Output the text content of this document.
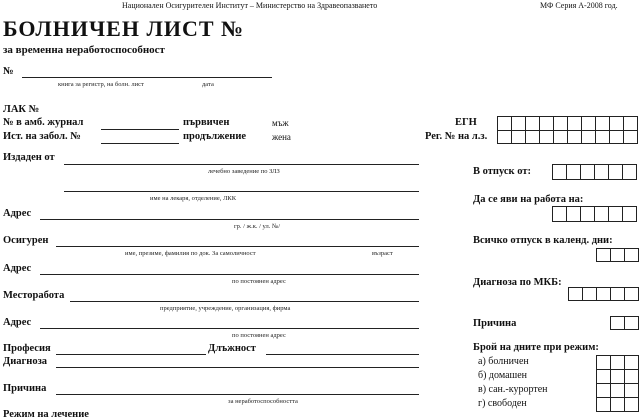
Национален Осигурителен Институт – Министерство на Здравеопазването	МФ Серия А-2008 год.
БОЛНИЧЕН ЛИСТ №
за временна неработоспособност
№
книга за регистр, на болн. лист	дата
ЛАК №
№ в амб. журнал	първичен	мъж
Ист. на забол. №	продължение	жена
ЕГН
Рег. № на л.з.
Издаден от
лечебно заведение по ЗЛЗ
име на лекаря, отделение, ЛКК
Адрес
гр. / ж.к. / ул. №/
Осигурен
име, презиме, фамилия по док. За самоличност	възраст
Адрес
по постоянен адрес
Месторабота
предприятие, учреждение, организация, фирма
Адрес
по постоянен адрес
Професия	Длъжност
Диагноза
Причина
за неработоспособността
Режим на лечение
В отпуск от:
Да се яви на работа на:
Всичко отпуск в календ. дни:
Диагноза по МКБ:
Причина
Брой на дните при режим:
а) болничен
б) домашен
в) сан.-курортен
г) свободен
